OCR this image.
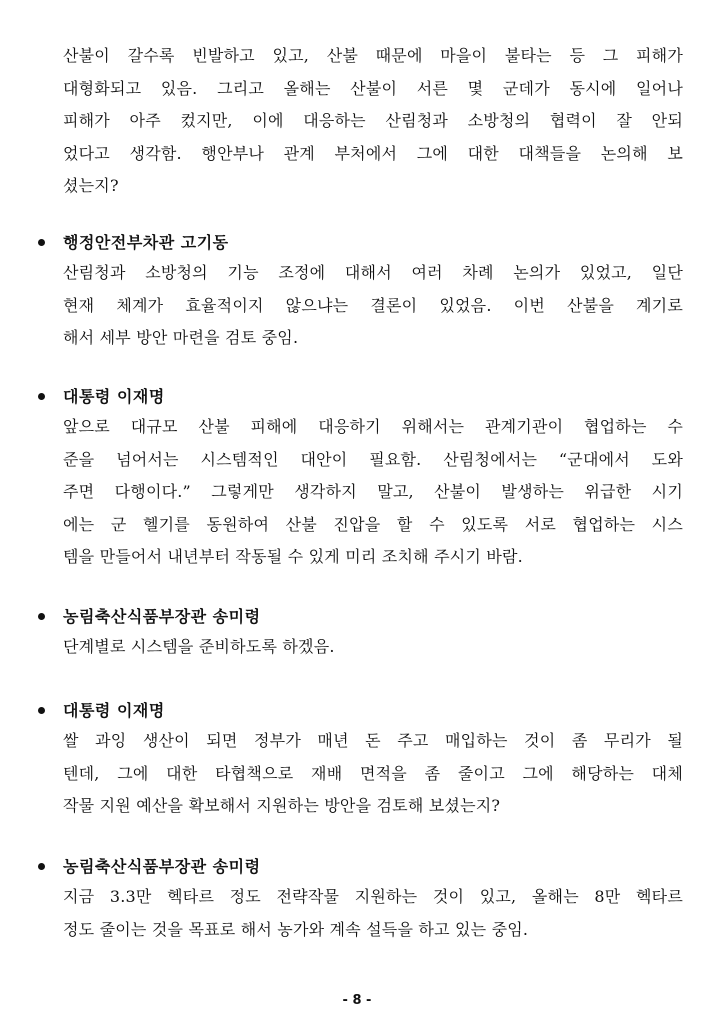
산불이 갈수록 빈발하고 있고, 산불 때문에 마을이 불타는 등 그 피해가
대형화되고 있음. 그리고 올해는 산불이 서른 몇 군데가 동시에 일어나
피해가 아주 컸지만, 이에 대응하는 산림청과 소방청의 협력이 잘 안되
었다고 생각함. 행안부나 관계 부처에서 그에 대한 대책들을 논의해 보
셨는지?
행정안전부차관 고기동
산림청과 소방청의 기능 조정에 대해서 여러 차례 논의가 있었고, 일단
현재 체계가 효율적이지 않으냐는 결론이 있었음. 이번 산불을 계기로
해서 세부 방안 마련을 검토 중임.
대통령 이재명
앞으로 대규모 산불 피해에 대응하기 위해서는 관계기관이 협업하는 수
준을 넘어서는 시스템적인 대안이 필요함. 산림청에서는 “군대에서 도와
주면 다행이다.” 그렇게만 생각하지 말고, 산불이 발생하는 위급한 시기
에는 군 헬기를 동원하여 산불 진압을 할 수 있도록 서로 협업하는 시스
템을 만들어서 내년부터 작동될 수 있게 미리 조치해 주시기 바람.
농림축산식품부장관 송미령
단계별로 시스템을 준비하도록 하겠음.
대통령 이재명
쌀 과잉 생산이 되면 정부가 매년 돈 주고 매입하는 것이 좀 무리가 될
텐데, 그에 대한 타협책으로 재배 면적을 좀 줄이고 그에 해당하는 대체
작물 지원 예산을 확보해서 지원하는 방안을 검토해 보셨는지?
농림축산식품부장관 송미령
지금 3.3만 헥타르 정도 전략작물 지원하는 것이 있고, 올해는 8만 헥타르
정도 줄이는 것을 목표로 해서 농가와 계속 설득을 하고 있는 중임.
- 8 -
